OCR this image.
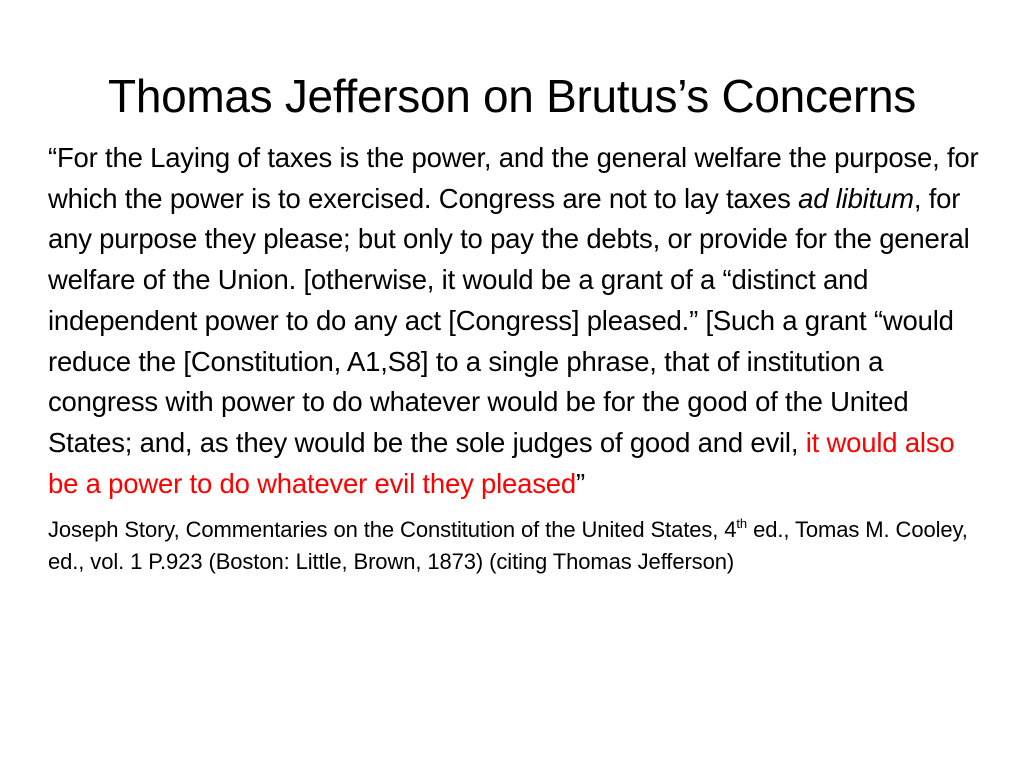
Thomas Jefferson on Brutus’s Concerns

“For the Laying of taxes is the power, and the general welfare the purpose, for which the power is to exercised. Congress are not to lay taxes ad libitum, for any purpose they please; but only to pay the debts, or provide for the general welfare of the Union. [otherwise, it would be a grant of a “distinct and independent power to do any act [Congress] pleased.” [Such a grant “would reduce the [Constitution, A1,S8] to a single phrase, that of institution a congress with power to do whatever would be for the good of the United States; and, as they would be the sole judges of good and evil, it would also be a power to do whatever evil they pleased”

Joseph Story, Commentaries on the Constitution of the United States, 4th ed., Tomas M. Cooley, ed., vol. 1 P.923 (Boston: Little, Brown, 1873) (citing Thomas Jefferson)
